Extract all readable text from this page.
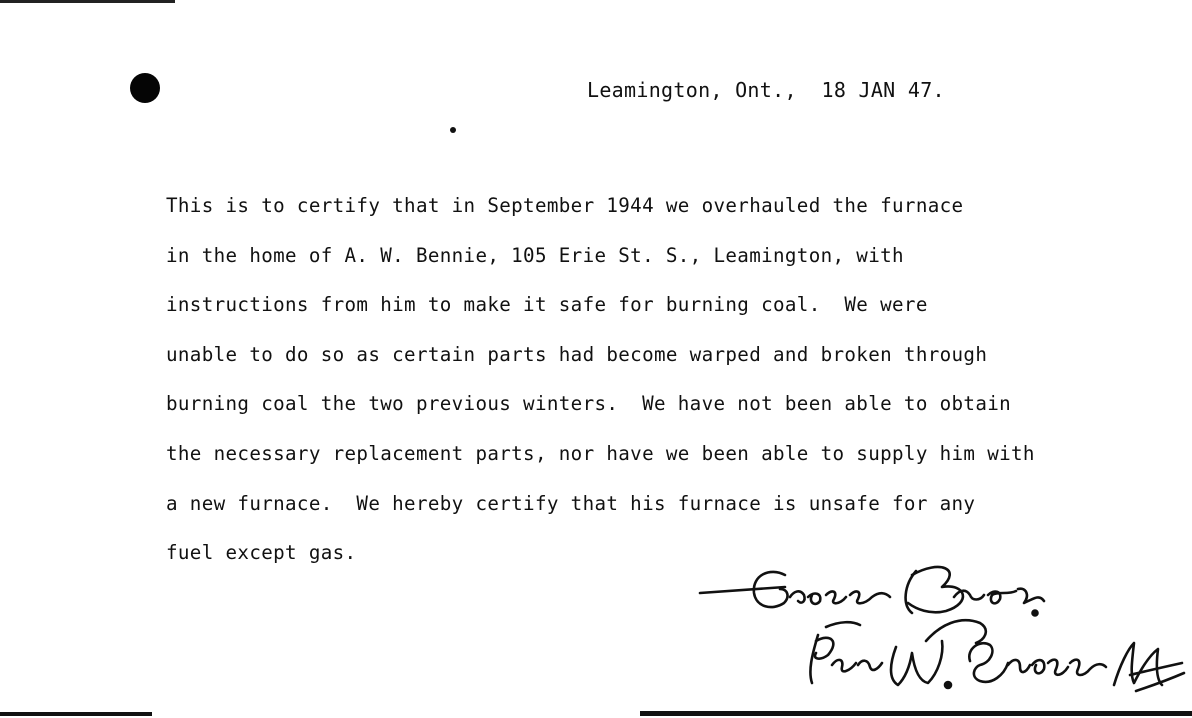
Leamington, Ont.,  18 JAN 47.
This is to certify that in September 1944 we overhauled the furnace
in the home of A. W. Bennie, 105 Erie St. S., Leamington, with
instructions from him to make it safe for burning coal.  We were
unable to do so as certain parts had become warped and broken through
burning coal the two previous winters.  We have not been able to obtain
the necessary replacement parts, nor have we been able to supply him with
a new furnace.  We hereby certify that his furnace is unsafe for any
fuel except gas.
